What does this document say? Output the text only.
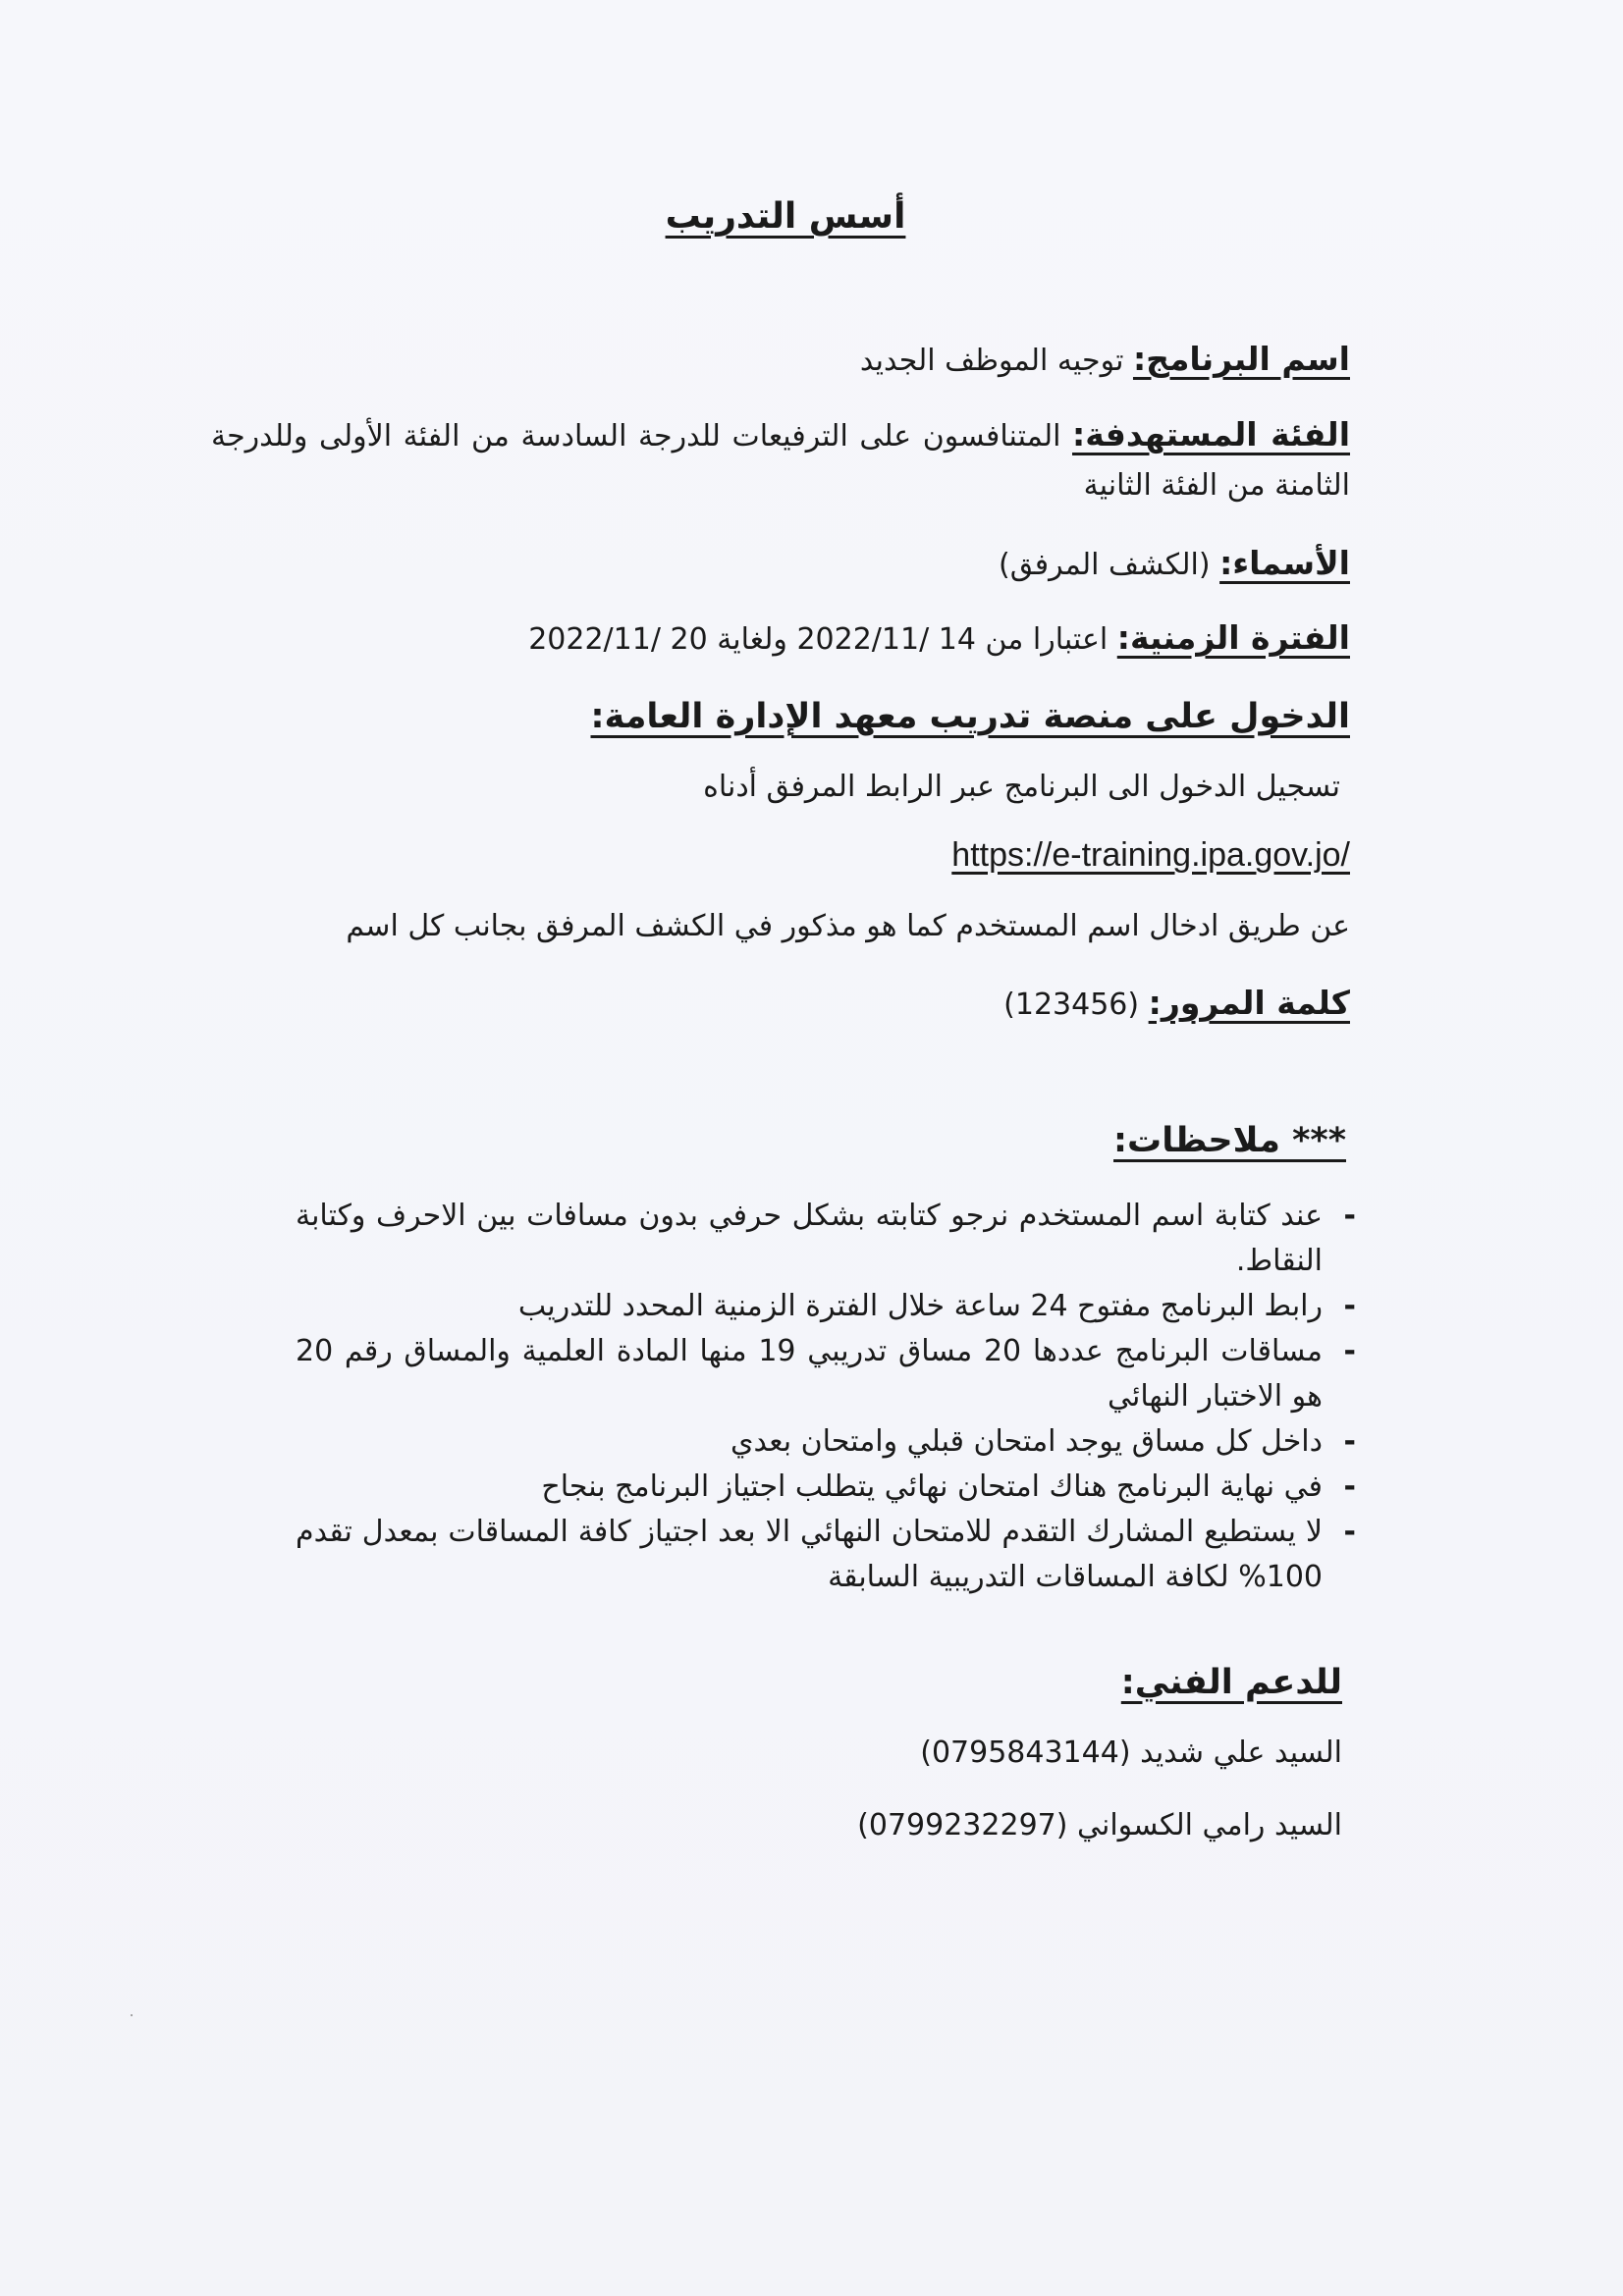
أسس التدريب
اسم البرنامج: توجيه الموظف الجديد
الفئة المستهدفة: المتنافسون على الترفيعات للدرجة السادسة من الفئة الأولى وللدرجة الثامنة من الفئة الثانية
الأسماء: (الكشف المرفق)
الفترة الزمنية: اعتبارا من 14 /2022/11 ولغاية 20 /2022/11
الدخول على منصة تدريب معهد الإدارة العامة:
تسجيل الدخول الى البرنامج عبر الرابط المرفق أدناه
https://e-training.ipa.gov.jo/
عن طريق ادخال اسم المستخدم كما هو مذكور في الكشف المرفق بجانب كل اسم
كلمة المرور: (123456)
*** ملاحظات:
-
عند كتابة اسم المستخدم نرجو كتابته بشكل حرفي بدون مسافات بين الاحرف وكتابة النقاط.
-
رابط البرنامج مفتوح 24 ساعة خلال الفترة الزمنية المحدد للتدريب
-
مساقات البرنامج عددها 20 مساق تدريبي 19 منها المادة العلمية والمساق رقم 20 هو الاختبار النهائي
-
داخل كل مساق يوجد امتحان قبلي وامتحان بعدي
-
في نهاية البرنامج هناك امتحان نهائي يتطلب اجتياز البرنامج بنجاح
-
لا يستطيع المشارك التقدم للامتحان النهائي الا بعد اجتياز كافة المساقات بمعدل تقدم 100% لكافة المساقات التدريبية السابقة
للدعم الفني:
السيد علي شديد (0795843144)
السيد رامي الكسواني (0799232297)
